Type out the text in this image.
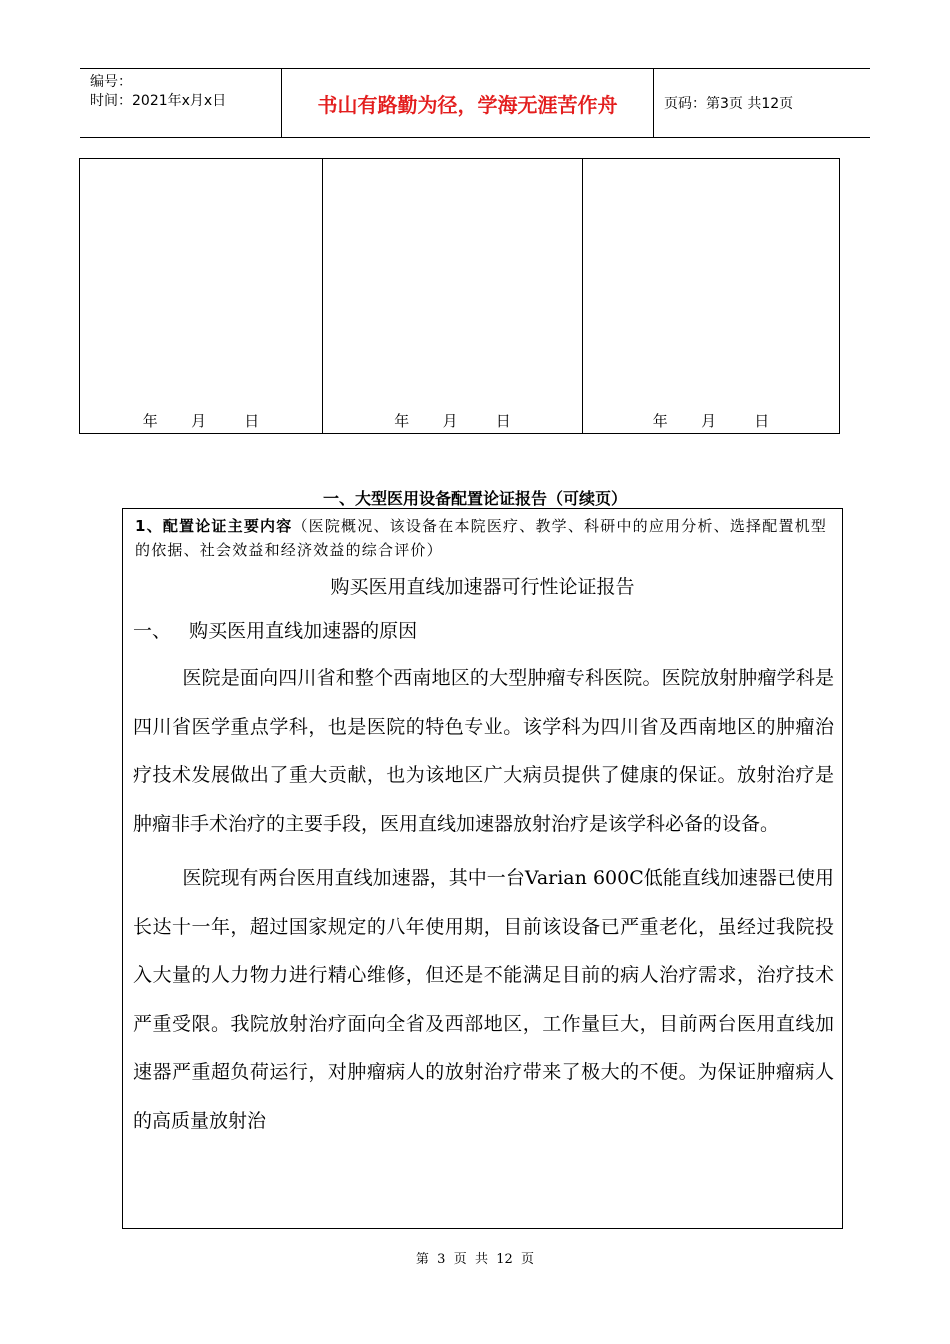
编号：
时间：2021年x月x日	书山有路勤为径，学海无涯苦作舟	页码：第3页 共12页
年       月        日	年       月        日	年       月        日
一、大型医用设备配置论证报告（可续页）
1、配置论证主要内容（医院概况、该设备在本院医疗、教学、科研中的应用分析、选择配置机型的依据、社会效益和经济效益的综合评价）
购买医用直线加速器可行性论证报告
一、   购买医用直线加速器的原因
医院是面向四川省和整个西南地区的大型肿瘤专科医院。医院放射肿瘤学科是四川省医学重点学科，也是医院的特色专业。该学科为四川省及西南地区的肿瘤治疗技术发展做出了重大贡献，也为该地区广大病员提供了健康的保证。放射治疗是肿瘤非手术治疗的主要手段，医用直线加速器放射治疗是该学科必备的设备。
医院现有两台医用直线加速器，其中一台Varian 600C低能直线加速器已使用长达十一年，超过国家规定的八年使用期，目前该设备已严重老化，虽经过我院投入大量的人力物力进行精心维修，但还是不能满足目前的病人治疗需求，治疗技术严重受限。我院放射治疗面向全省及西部地区，工作量巨大，目前两台医用直线加速器严重超负荷运行，对肿瘤病人的放射治疗带来了极大的不便。为保证肿瘤病人的高质量放射治
第  3  页  共  12  页
